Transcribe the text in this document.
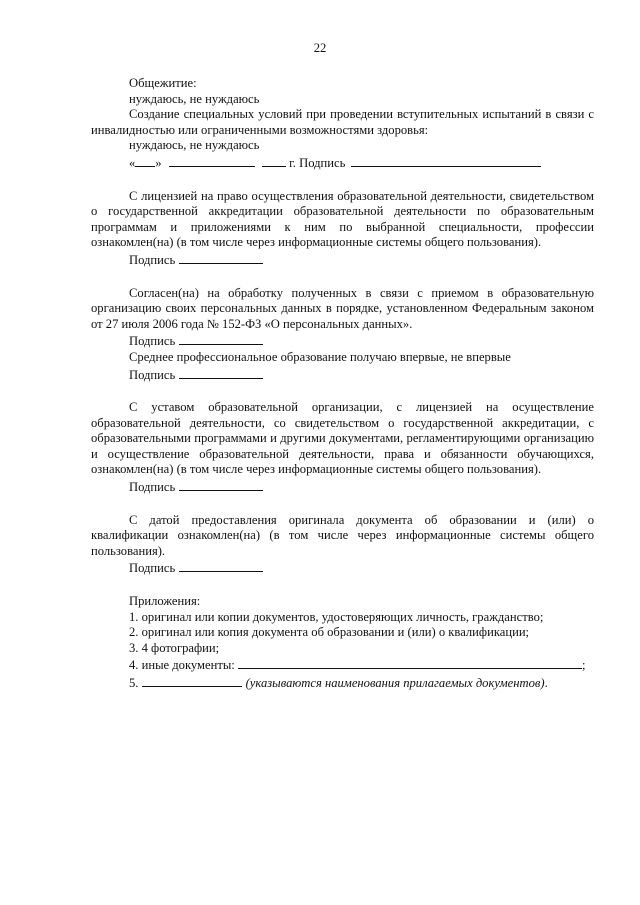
22

Общежитие:

нуждаюсь, не нуждаюсь

Создание специальных условий при проведении вступительных испытаний в связи с инвалидностью или ограниченными возможностями здоровья:

нуждаюсь, не нуждаюсь

« »	г. Подпись

С лицензией на право осуществления образовательной деятельности, свидетельством о государственной аккредитации образовательной деятельности по образовательным программам и приложениями к ним по выбранной специальности, профессии ознакомлен(на) (в том числе через информационные системы общего пользования).

Подпись

Согласен(на) на обработку полученных в связи с приемом в образовательную организацию своих персональных данных в порядке, установленном Федеральным законом от 27 июля 2006 года № 152-ФЗ «О персональных данных».

Подпись

Среднее профессиональное образование получаю впервые, не впервые

Подпись

С уставом образовательной организации, с лицензией на осуществление образовательной деятельности, со свидетельством о государственной аккредитации, с образовательными программами и другими документами, регламентирующими организацию и осуществление образовательной деятельности, права и обязанности обучающихся, ознакомлен(на) (в том числе через информационные системы общего пользования).

Подпись

С датой предоставления оригинала документа об образовании и (или) о квалификации ознакомлен(на) (в том числе через информационные системы общего пользования).

Подпись

Приложения:

1. оригинал или копии документов, удостоверяющих личность, гражданство;

2. оригинал или копия документа об образовании и (или) о квалификации;

3. 4 фотографии;

4. иные документы:	;

5.	(указываются наименования прилагаемых документов).
